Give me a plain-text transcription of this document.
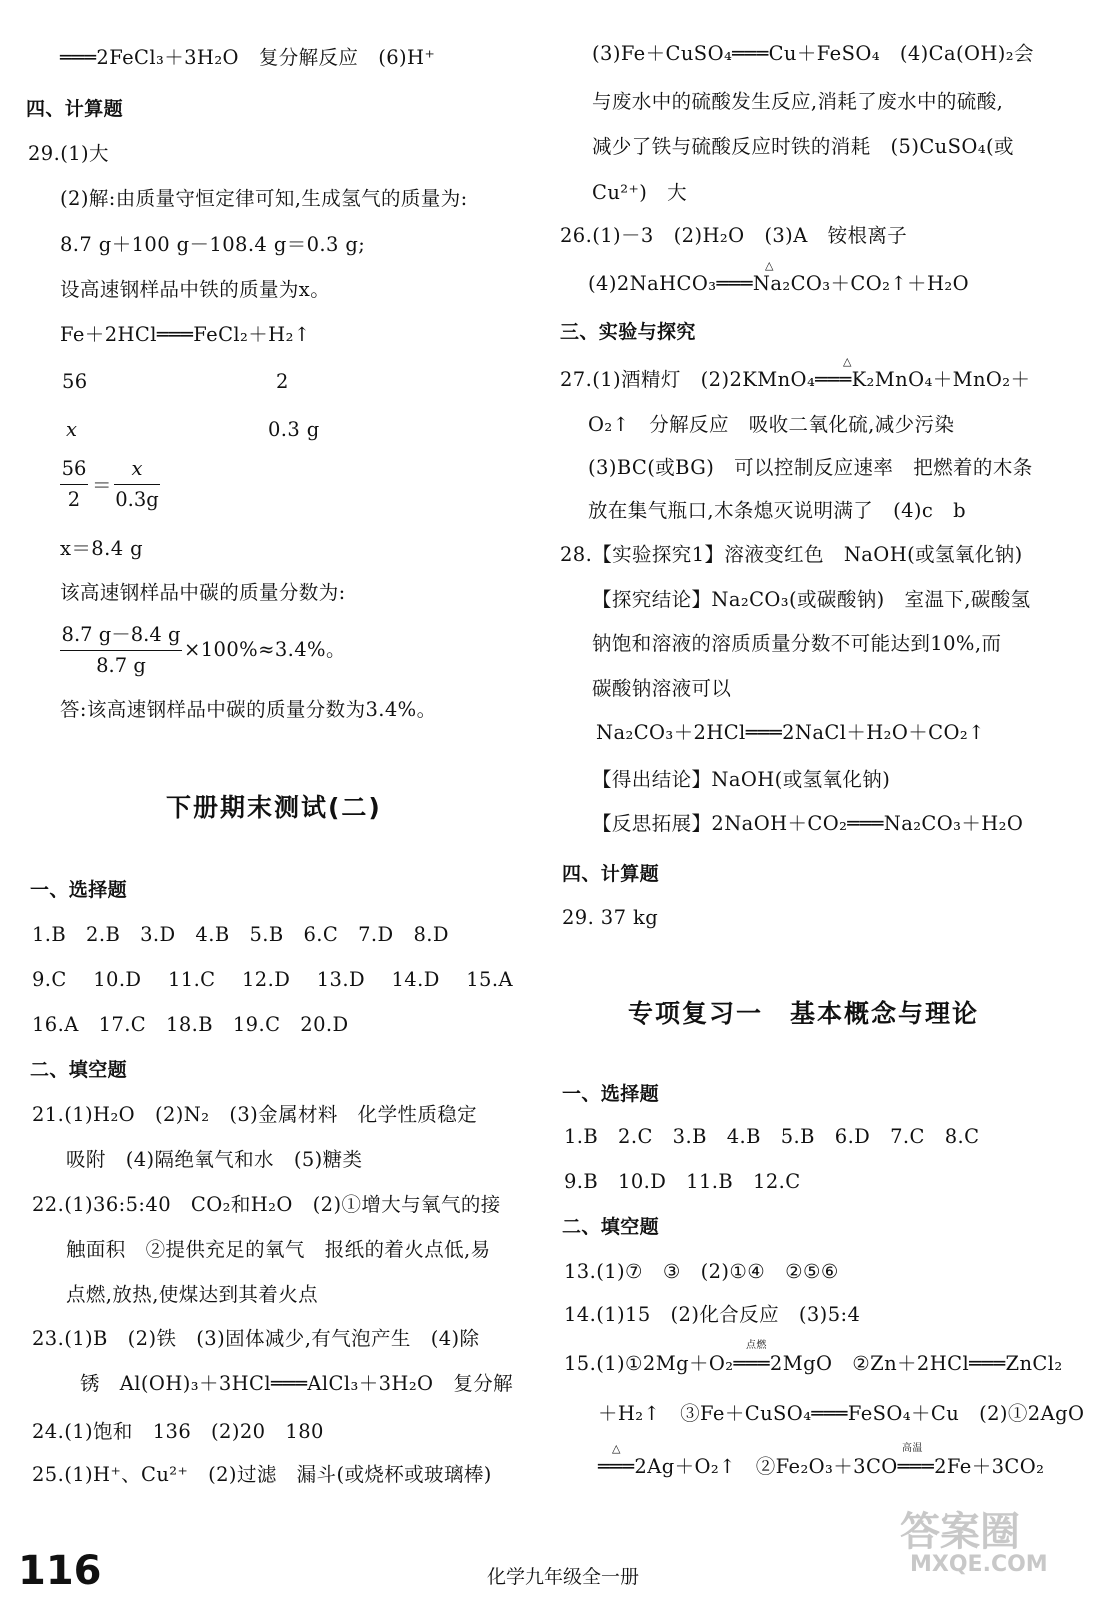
═══2FeCl₃＋3H₂O　复分解反应　(6)H⁺
四、计算题
29.(1)大
(2)解:由质量守恒定律可知,生成氢气的质量为:
8.7 g＋100 g－108.4 g＝0.3 g;
设高速钢样品中铁的质量为x。
Fe＋2HCl═══FeCl₂＋H₂↑
56	2
x	0.3 g
56
2
＝
x
0.3g
x＝8.4 g
该高速钢样品中碳的质量分数为:
8.7 g－8.4 g
8.7 g
×100%≈3.4%。
答:该高速钢样品中碳的质量分数为3.4%。
下册期末测试(二)
一、选择题
1.B　2.B　3.D　4.B　5.B　6.C　7.D　8.D
9.C　 10.D　 11.C　 12.D　 13.D　 14.D　 15.A
16.A　17.C　18.B　19.C　20.D
二、填空题
21.(1)H₂O　(2)N₂　(3)金属材料　化学性质稳定
吸附　(4)隔绝氧气和水　(5)糖类
22.(1)36:5:40　CO₂和H₂O　(2)①增大与氧气的接
触面积　②提供充足的氧气　报纸的着火点低,易
点燃,放热,使煤达到其着火点
23.(1)B　(2)铁　(3)固体减少,有气泡产生　(4)除
锈　Al(OH)₃＋3HCl═══AlCl₃＋3H₂O　复分解
24.(1)饱和　136　(2)20　180
25.(1)H⁺、Cu²⁺　(2)过滤　漏斗(或烧杯或玻璃棒)
(3)Fe＋CuSO₄═══Cu＋FeSO₄　(4)Ca(OH)₂会
与废水中的硫酸发生反应,消耗了废水中的硫酸,
减少了铁与硫酸反应时铁的消耗　(5)CuSO₄(或
Cu²⁺)　大
26.(1)－3　(2)H₂O　(3)A　铵根离子
(4)2NaHCO₃═══Na₂CO₃＋CO₂↑＋H₂O
△
三、实验与探究
27.(1)酒精灯　(2)2KMnO₄═══K₂MnO₄＋MnO₂＋
△
O₂↑　分解反应　吸收二氧化硫,减少污染
(3)BC(或BG)　可以控制反应速率　把燃着的木条
放在集气瓶口,木条熄灭说明满了　(4)c　b
28.【实验探究1】溶液变红色　NaOH(或氢氧化钠)
【探究结论】Na₂CO₃(或碳酸钠)　室温下,碳酸氢
钠饱和溶液的溶质质量分数不可能达到10%,而
碳酸钠溶液可以
Na₂CO₃＋2HCl═══2NaCl＋H₂O＋CO₂↑
【得出结论】NaOH(或氢氧化钠)
【反思拓展】2NaOH＋CO₂═══Na₂CO₃＋H₂O
四、计算题
29. 37 kg
专项复习一　基本概念与理论
一、选择题
1.B　2.C　3.B　4.B　5.B　6.D　7.C　8.C
9.B　10.D　11.B　12.C
二、填空题
13.(1)⑦　③　(2)①④　②⑤⑥
14.(1)15　(2)化合反应　(3)5:4
15.(1)①2Mg＋O₂═══2MgO　②Zn＋2HCl═══ZnCl₂
点燃
＋H₂↑　③Fe＋CuSO₄═══FeSO₄＋Cu　(2)①2AgO
═══2Ag＋O₂↑　②Fe₂O₃＋3CO═══2Fe＋3CO₂
△	高温
116	化学九年级全一册
答案圈
MXQE.COM
